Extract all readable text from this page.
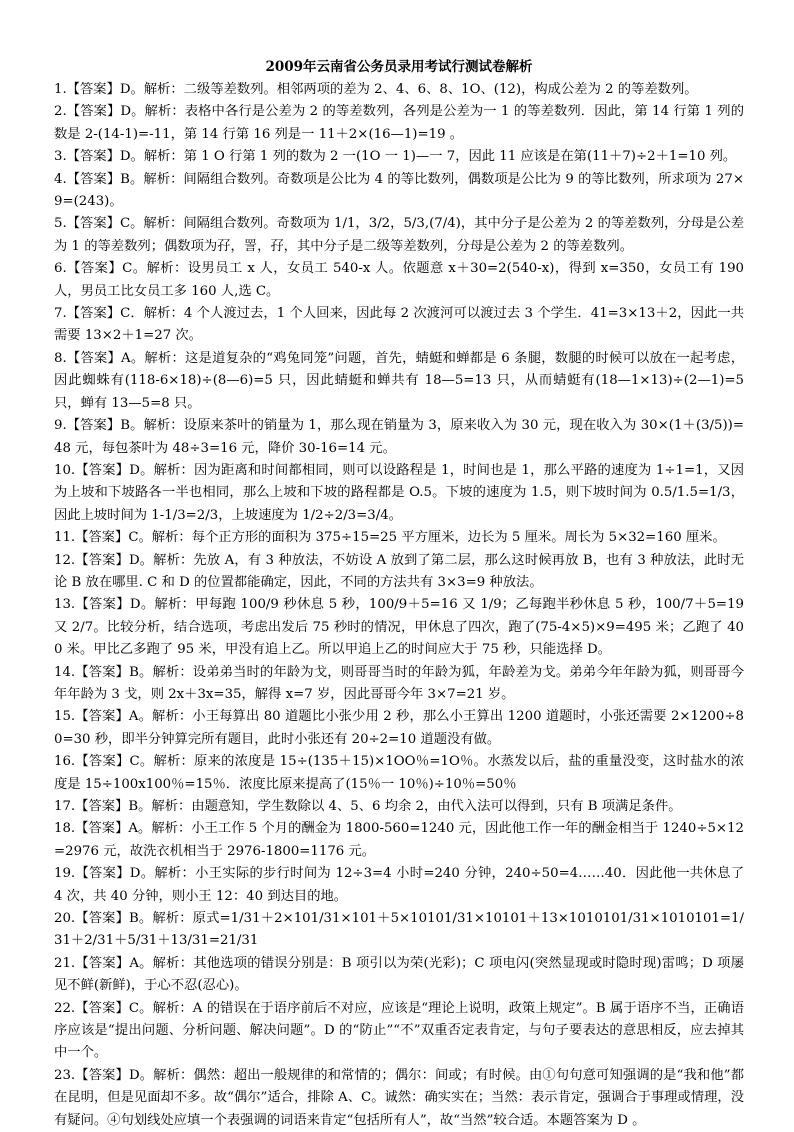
2009年云南省公务员录用考试行测试卷解析

1.【答案】D。解析：二级等差数列。相邻两项的差为 2、4、6、8、1O、(12)，构成公差为 2 的等差数列。

2.【答案】D。解析：表格中各行是公差为 2 的等差数列，各列是公差为一 1 的等差数列．因此，第 14 行第 1 列的数是 2-(14-1)=-11，第 14 行第 16 列是一 11＋2×(16—1)=19 。

3.【答案】D。解析：第 1 O 行第 1 列的数为 2 一(1O 一 1)—一 7，因此 11 应该是在第(11＋7)÷2＋1=10 列。

4.【答案】B。解析：间隔组合数列。奇数项是公比为 4 的等比数列，偶数项是公比为 9 的等比数列，所求项为 27×9=(243)。

5.【答案】C。解析：间隔组合数列。奇数项为 1/1，3/2，5/3,(7/4)，其中分子是公差为 2 的等差数列，分母是公差为 1 的等差数列；偶数项为孖，詈，孖，其中分子是二级等差数列，分母是公差为 2 的等差数列。

6.【答案】C。解析：设男员工 x 人，女员工 540-x 人。依题意 x＋30=2(540-x)，得到 x=350，女员工有 190 人，男员工比女员工多 160 人,选 C。

7.【答案】C．解析：4 个人渡过去，1 个人回来，因此每 2 次渡河可以渡过去 3 个学生．41=3×13＋2，因此一共需要 13×2＋1=27 次。

8.【答案】A。解析：这是道复杂的“鸡兔同笼”问题，首先，蜻蜓和蝉都是 6 条腿，数腿的时候可以放在一起考虑，因此蜘蛛有(118-6×18)÷(8—6)=5 只，因此蜻蜓和蝉共有 18—5=13 只，从而蜻蜓有(18—1×13)÷(2—1)=5 只，蝉有 13—5=8 只。

9.【答案】B。解析：设原来茶叶的销量为 1，那么现在销量为 3，原来收入为 30 元，现在收入为 30×(1＋(3/5))=48 元，每包茶叶为 48÷3=16 元，降价 30-16=14 元。

10.【答案】D。解析：因为距离和时间都相同，则可以设路程是 1，时间也是 1，那么平路的速度为 1÷1=1，又因为上坡和下坡路各一半也相同，那么上坡和下坡的路程都是 O.5。下坡的速度为 1.5，则下坡时间为 0.5/1.5=1/3，因此上坡时间为 1-1/3=2/3，上坡速度为 1/2÷2/3=3/4。

11.【答案】C。解析：每个正方形的面积为 375÷15=25 平方厘米，边长为 5 厘米。周长为 5×32=160 厘米。

12.【答案】D。解析：先放 A，有 3 种放法，不妨设 A 放到了第二层，那么这时候再放 B，也有 3 种放法，此时无论 B 放在哪里. C 和 D 的位置都能确定，因此，不同的方法共有 3×3=9 种放法。

13.【答案】D。解析：甲每跑 100/9 秒休息 5 秒，100/9＋5=16 又 1/9；乙每跑半秒休息 5 秒，100/7＋5=19 又 2/7。比较分析，结合选项，考虑出发后 75 秒时的情况，甲休息了四次，跑了(75-4×5)×9=495 米；乙跑了 400 米。甲比乙多跑了 95 米，甲没有追上乙。所以甲追上乙的时间应大于 75 秒，只能选择 D。

14.【答案】B。解析：设弟弟当时的年龄为戈，则哥哥当时的年龄为狐，年龄差为戈。弟弟今年年龄为狐，则哥哥今年年龄为 3 戈，则 2x＋3x=35，解得 x=7 岁，因此哥哥今年 3×7=21 岁。

15.【答案】A。解析：小王每算出 80 道题比小张少用 2 秒，那么小王算出 1200 道题时，小张还需要 2×1200÷80=30 秒，即半分钟算完所有题目，此时小张还有 20÷2=10 道题没有做。

16.【答案】C。解析：原来的浓度是 15÷(135＋15)×1OO％=1O％。水蒸发以后，盐的重量没变，这时盐水的浓度是 15÷100x100％=15％．浓度比原来提高了(15％一 10％)÷10％=50％

17.【答案】B。解析：由题意知，学生数除以 4、5、6 均余 2，由代入法可以得到，只有 B 项满足条件。

18.【答案】A。解析：小王工作 5 个月的酬金为 1800-560=1240 元，因此他工作一年的酬金相当于 1240÷5×12=2976 元，故洗衣机相当于 2976-1800=1176 元。

19.【答案】D。解析：小王实际的步行时间为 12÷3=4 小时=240 分钟，240÷50=4……40．因此他一共休息了 4 次，共 40 分钟，则小王 12：40 到达目的地。

20.【答案】B。解析：原式=1/31＋2×101/31×101＋5×10101/31×10101＋13×1010101/31×1010101=1/31＋2/31＋5/31＋13/31=21/31

21.【答案】A。解析：其他选项的错误分别是：B 项引以为荣(光彩)；C 项电闪(突然显现或时隐时现)雷鸣；D 项屡见不鲜(新鲜)，于心不忍(忍心)。

22.【答案】C。解析：A 的错误在于语序前后不对应，应该是“理论上说明，政策上规定”。B 属于语序不当，正确语序应该是“提出问题、分析问题、解决问题”。D 的“防止”“不”双重否定表肯定，与句子要表达的意思相反，应去掉其中一个。

23.【答案】D。解析：偶然：超出一般规律的和常情的；偶尔：间或；有时候。由①句句意可知强调的是“我和他”都在昆明，但是见面却不多。故“偶尔”适合，排除 A、C。诚然：确实实在；当然：表示肯定，强调合于事理或情理，没有疑问。④句划线处应填一个表强调的词语来肯定“包括所有人”，故“当然”较合适。本题答案为 D 。
